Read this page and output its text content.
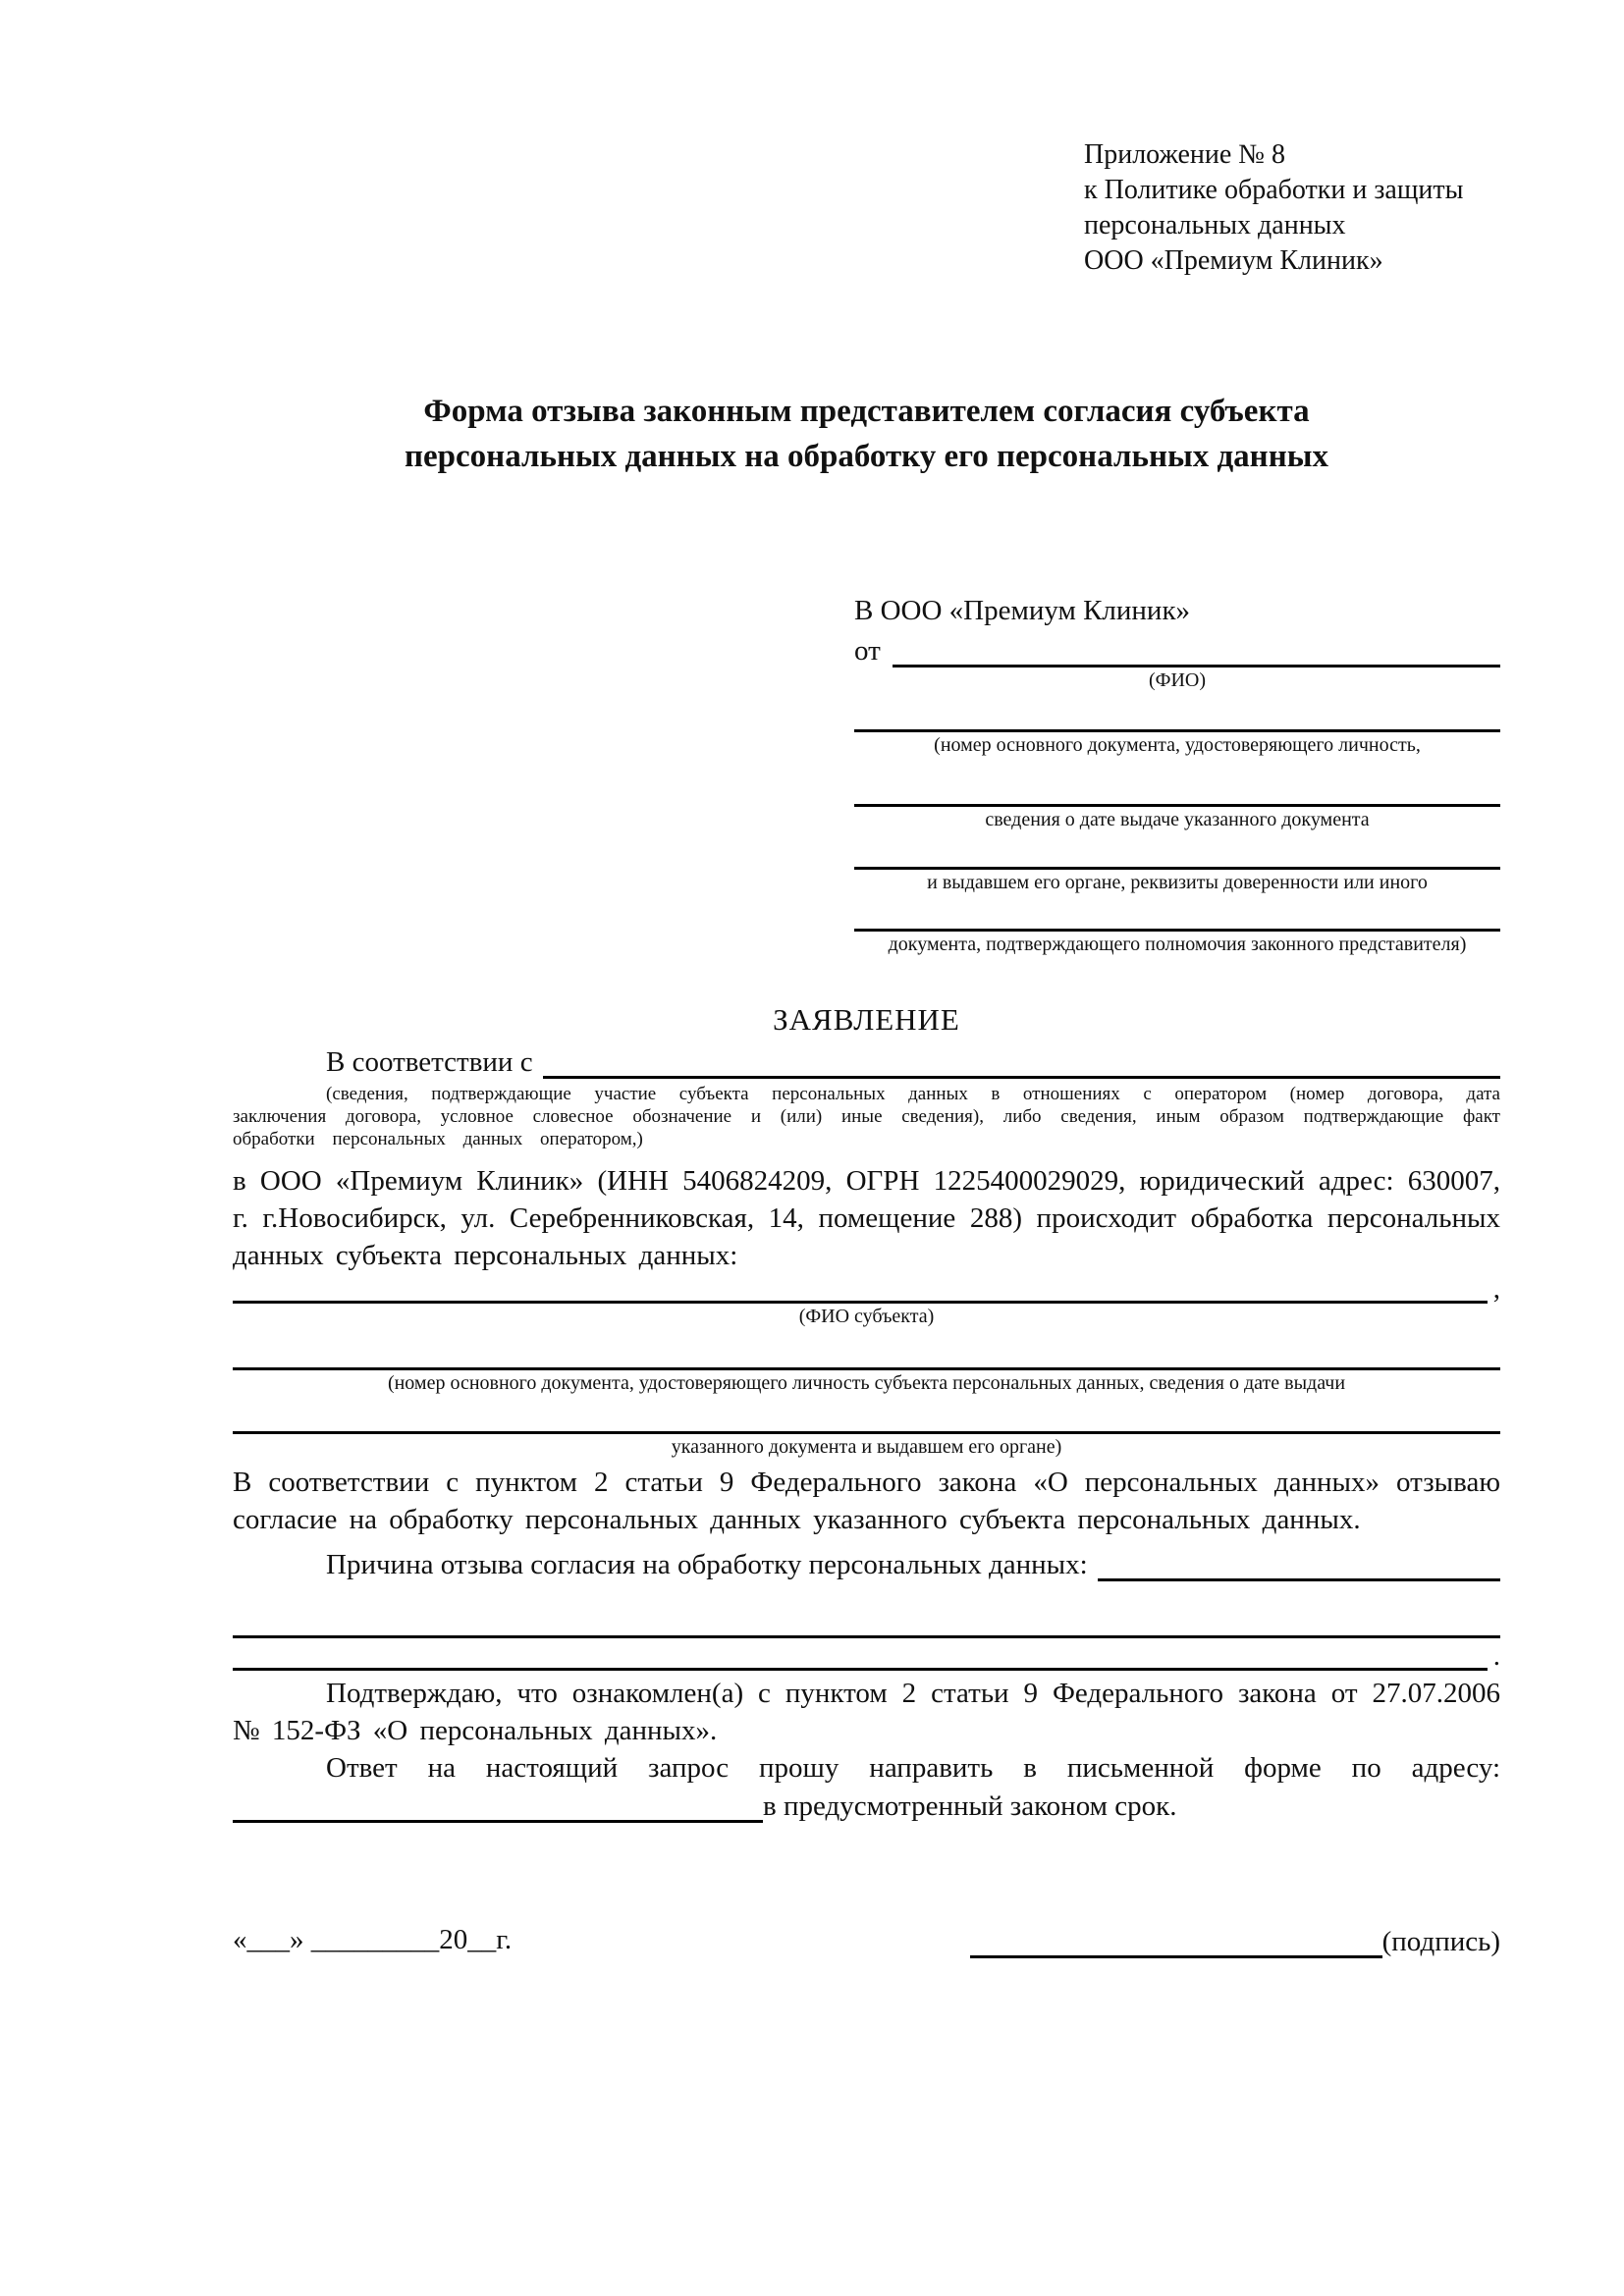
Приложение № 8
к Политике обработки и защиты
персональных данных
ООО «Премиум Клиник»
Форма отзыва законным представителем согласия субъекта
персональных данных на обработку его персональных данных
В ООО «Премиум Клиник»
от
(ФИО)
(номер основного документа, удостоверяющего личность,
сведения о дате выдаче указанного документа
и выдавшем его органе, реквизиты доверенности или иного
документа, подтверждающего полномочия законного представителя)
ЗАЯВЛЕНИЕ
В соответствии с

(сведения, подтверждающие участие субъекта персональных данных в отношениях с оператором (номер договора, дата заключения договора, условное словесное обозначение и (или) иные сведения), либо сведения, иным образом подтверждающие факт обработки персональных данных оператором,)

в ООО «Премиум Клиник» (ИНН 5406824209, ОГРН 1225400029029, юридический адрес: 630007, г. г.Новосибирск, ул. Серебренниковская, 14, помещение 288) происходит обработка персональных данных субъекта персональных данных:

,
(ФИО субъекта)
(номер основного документа, удостоверяющего личность субъекта персональных данных, сведения о дате выдачи
указанного документа и выдавшем его органе)

В соответствии с пунктом 2 статьи 9 Федерального закона «О персональных данных» отзываю согласие на обработку персональных данных указанного субъекта персональных данных.

Причина отзыва согласия на обработку персональных данных:
.

Подтверждаю, что ознакомлен(а) с пунктом 2 статьи 9 Федерального закона от 27.07.2006 № 152-ФЗ «О персональных данных».

Ответ на настоящий запрос прошу направить в письменной форме по адресу:

в предусмотренный законом срок.
«___» _________20__г.	(подпись)
